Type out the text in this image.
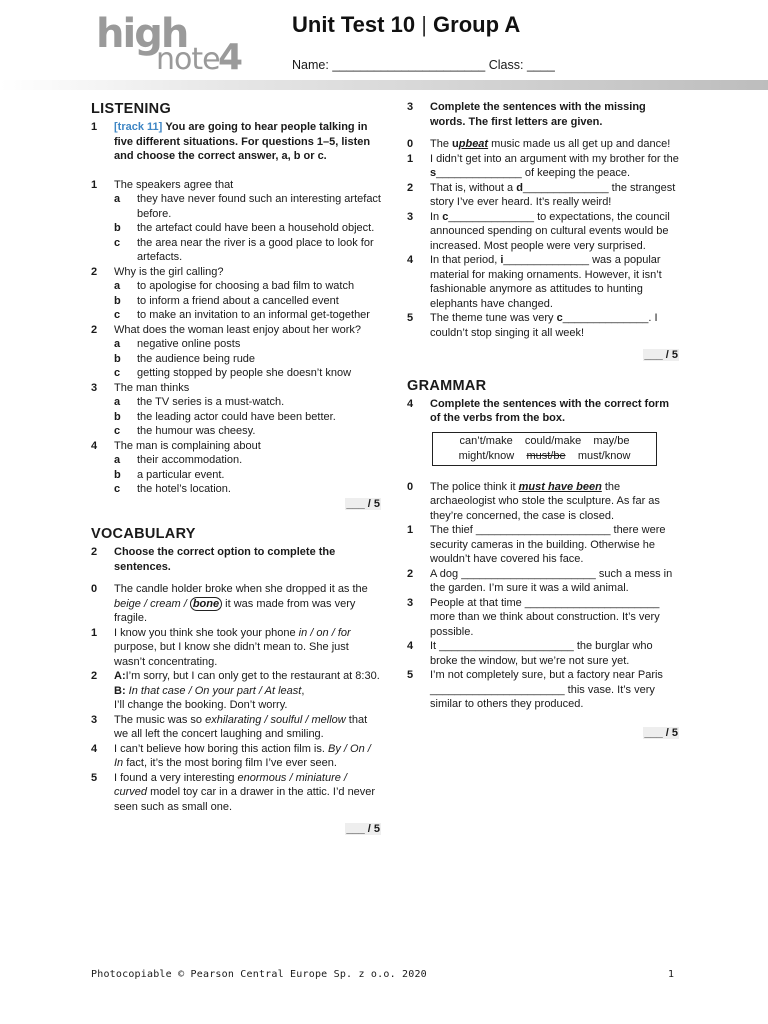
high
note
4
Unit Test 10 | Group A
Name: ______________________ Class: ____
LISTENING
1	[track 11] You are going to hear people talking in five different situations. For questions 1–5, listen and choose the correct answer, a, b or c.
1	The speakers agree that
a	they have never found such an interesting artefact before.
b	the artefact could have been a household object.
c	the area near the river is a good place to look for artefacts.
2	Why is the girl calling?
a	to apologise for choosing a bad film to watch
b	to inform a friend about a cancelled event
c	to make an invitation to an informal get-together
2	What does the woman least enjoy about her work?
a	negative online posts
b	the audience being rude
c	getting stopped by people she doesn’t know
3	The man thinks
a	the TV series is a must-watch.
b	the leading actor could have been better.
c	the humour was cheesy.
4	The man is complaining about
a	their accommodation.
b	a particular event.
c	the hotel’s location.
___ / 5
VOCABULARY
2	Choose the correct option to complete the sentences.
0	The candle holder broke when she dropped it as the beige / cream / bone it was made from was very fragile.
1	I know you think she took your phone in / on / for purpose, but I know she didn’t mean to. She just wasn’t concentrating.
2	A:I’m sorry, but I can only get to the restaurant at 8:30.
B: In that case / On your part / At least,
I’ll change the booking. Don’t worry.
3	The music was so exhilarating / soulful / mellow that we all left the concert laughing and smiling.
4	I can’t believe how boring this action film is. By / On / In fact, it’s the most boring film I’ve ever seen.
5	I found a very interesting enormous / miniature / curved model toy car in a drawer in the attic. I’d never seen such as small one.
___ / 5
3	Complete the sentences with the missing words. The first letters are given.
0	The upbeat music made us all get up and dance!
1	I didn’t get into an argument with my brother for the s______________ of keeping the peace.
2	That is, without a d______________ the strangest story I’ve ever heard. It’s really weird!
3	In c______________ to expectations, the council announced spending on cultural events would be increased. Most people were very surprised.
4	In that period, i______________ was a popular material for making ornaments. However, it isn’t fashionable anymore as attitudes to hunting elephants have changed.
5	The theme tune was very c______________. I couldn’t stop singing it all week!
___ / 5
GRAMMAR
4	Complete the sentences with the correct form of the verbs from the box.
can’t/make    could/make    may/be
might/know must/be must/know
0	The police think it must have been the archaeologist who stole the sculpture. As far as they’re concerned, the case is closed.
1	The thief ______________________ there were security cameras in the building. Otherwise he wouldn’t have covered his face.
2	A dog ______________________ such a mess in the garden. I’m sure it was a wild animal.
3	People at that time ______________________ more than we think about construction. It’s very possible.
4	It ______________________ the burglar who broke the window, but we’re not sure yet.
5	I’m not completely sure, but a factory near Paris ______________________ this vase. It’s very similar to others they produced.
___ / 5
Photocopiable © Pearson Central Europe Sp. z o.o. 2020	1
